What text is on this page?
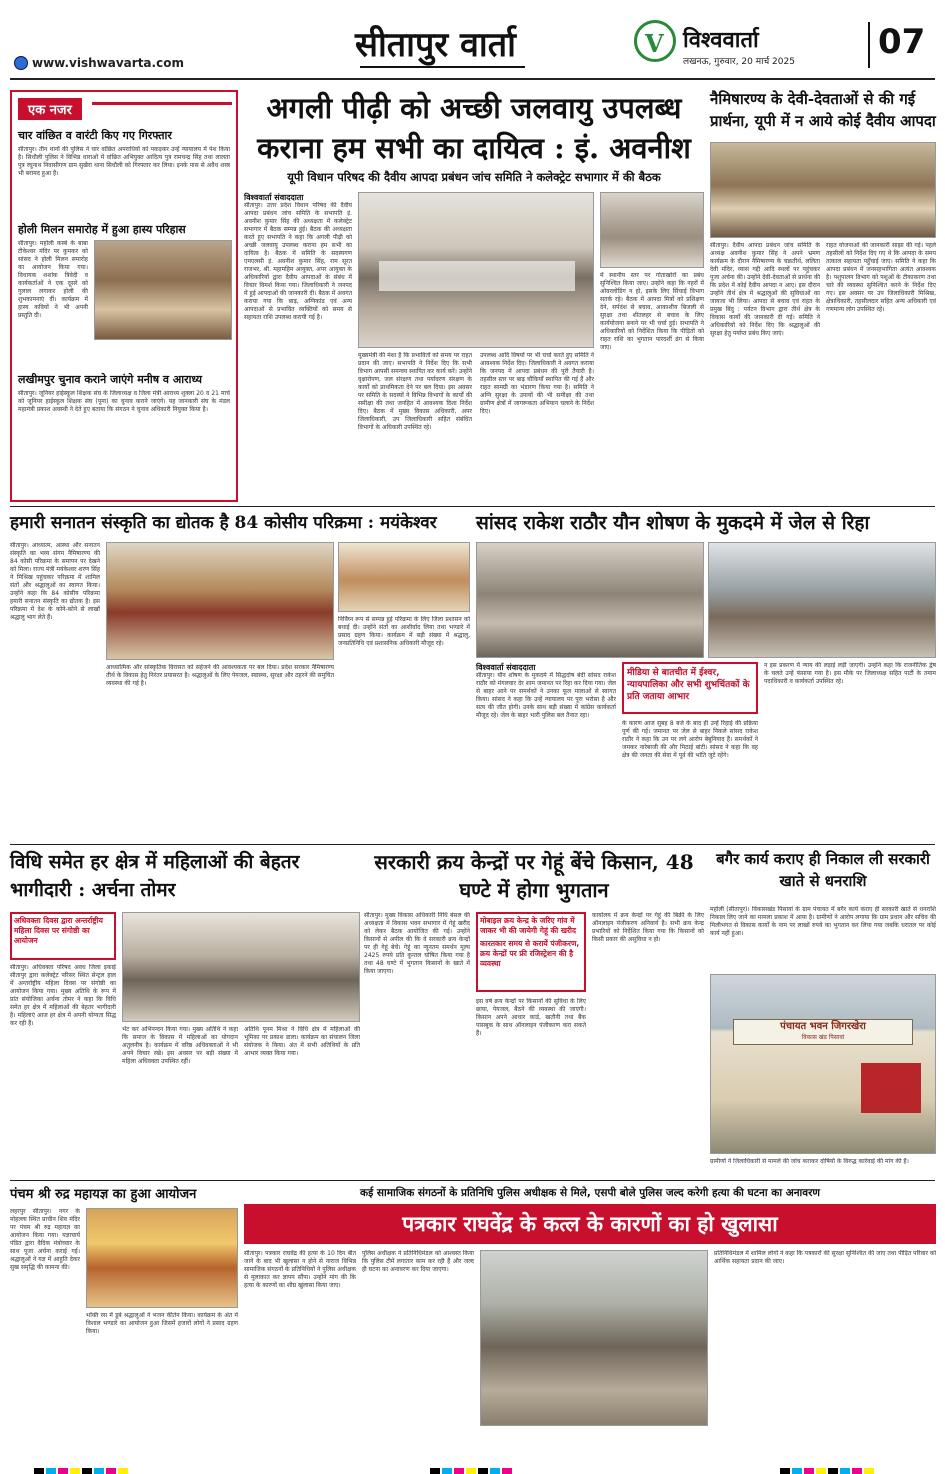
www.vishwavarta.com	सीतापुर वार्ता	V विश्ववार्ता
लखनऊ, गुरुवार, 20 मार्च 2025 07
एक नजर
चार वांछित व वारंटी किए गए गिरफ्तार
सीतापुर। तीन थानों की पुलिस ने चार वांछित अपराधियों को पकड़कर उन्हें न्यायालय में पेश किया है। सिधौली पुलिस ने विभिन्न धाराओं में वांछित अभियुक्त आदित्य पुत्र रामचन्द्र सिंह तथा लालता पुत्र रघुनाथ निवासीगण ग्राम सुखैरा थाना सिधौली को गिरफ्तार कर लिया। इनके पास से अवैध शस्त्र भी बरामद हुआ है।
होली मिलन समारोह में हुआ हास्य परिहास
सीतापुर। महोली कस्बे के बाबा टीकेश्वर मंदिर पर कुमकर को सांसद ने होली मिलन समारोह का आयोजन किया गया। विधायक शशांक त्रिवेदी व कार्यकर्ताओं ने एक दूसरे को गुलाल लगाकर होली की शुभकामनाएं दीं। कार्यक्रम में हास्य कवियों ने भी अपनी प्रस्तुति दी।
लखीमपुर चुनाव कराने जाएंगे मनीष व आराध्य
सीतापुर। जूनियर हाईस्कूल शिक्षक संघ के जिलाध्यक्ष व जिला मंत्री आराध्य शुक्ला 20 व 21 मार्च को जूनियर हाईस्कूल शिक्षक संघ (पूमा) का चुनाव कराने जाएंगे। यह जानकारी संघ के मंडल महामंत्री प्रकाश अवस्थी ने देते हुए बताया कि संगठन ने चुनाव अधिकारी नियुक्त किया है।
अगली पीढ़ी को अच्छी जलवायु उपलब्ध कराना हम सभी का दायित्व : इं. अवनीश
यूपी विधान परिषद की दैवीय आपदा प्रबंधन जांच समिति ने कलेक्ट्रेट सभागार में की बैठक
विश्ववार्ता संवाददाता
सीतापुर। उत्तर प्रदेश विधान परिषद की दैवीय आपदा प्रबंधन जांच समिति के सभापति इं. अवनीश कुमार सिंह की अध्यक्षता में कलेक्ट्रेट सभागार में बैठक सम्पन्न हुई। बैठक की अध्यक्षता करते हुए सभापति ने कहा कि अगली पीढ़ी को अच्छी जलवायु उपलब्ध कराना हम सभी का दायित्व है। बैठक में समिति के सदस्यगण एमएलसी इं. अवनीश कुमार सिंह, राम सूरत राजभर, श्री. महामहिम आयुक्त, अपर आयुक्त के अधिकारियों द्वारा दैवीय आपदाओं के संबंध में विचार विमर्श किया गया। जिलाधिकारी ने जनपद में हुई आपदाओं की जानकारी दी। बैठक में अवगत कराया गया कि बाढ़, अग्निकांड एवं अन्य आपदाओं से प्रभावित व्यक्तियों को समय से सहायता राशि उपलब्ध करायी गई है।
में स्थानीय स्तर पर गोताखोरों का प्रबंध सुनिश्चित किया जाए। उन्होंने कहा कि नहरों में ओवरलोडिंग न हो, इसके लिए सिंचाई विभाग सतर्क रहे। बैठक में आपदा मित्रों को प्रशिक्षण देने, सर्पदंश से बचाव, आकाशीय बिजली से सुरक्षा तथा शीतलहर से बचाव के लिए कार्ययोजना बनाने पर भी चर्चा हुई। सभापति ने अधिकारियों को निर्देशित किया कि पीड़ितों को राहत राशि का भुगतान पारदर्शी ढंग से किया जाए।
मुख्यमंत्री की मंशा है कि प्रभावितों को समय पर राहत प्रदान की जाए। सभापति ने निर्देश दिए कि सभी विभाग आपसी समन्वय स्थापित कर कार्य करें। उन्होंने वृक्षारोपण, जल संरक्षण तथा पर्यावरण संरक्षण के कार्यों को प्राथमिकता देने पर बल दिया। इस अवसर पर समिति के सदस्यों ने विभिन्न विभागों के कार्यों की समीक्षा की तथा जनहित में आवश्यक दिशा निर्देश दिए। बैठक में मुख्य विकास अधिकारी, अपर जिलाधिकारी, उप जिलाधिकारी सहित संबंधित विभागों के अधिकारी उपस्थित रहे।
उपलब्ध आदि विषयों पर भी चर्चा करते हुए समिति ने आवश्यक निर्देश दिए। जिलाधिकारी ने अवगत कराया कि जनपद में आपदा प्रबंधन की पूरी तैयारी है। तहसील स्तर पर बाढ़ चौकियाँ स्थापित की गई हैं और राहत सामग्री का भंडारण किया गया है। समिति ने अग्नि सुरक्षा के उपायों की भी समीक्षा की तथा ग्रामीण क्षेत्रों में जागरूकता अभियान चलाने के निर्देश दिए।
नैमिषारण्य के देवी-देवताओं से की गई प्रार्थना, यूपी में न आये कोई दैवीय आपदा
सीतापुर। दैवीय आपदा प्रबंधन जांच समिति के अध्यक्ष अवनीश कुमार सिंह ने अपने भ्रमण कार्यक्रम के दौरान नैमिषारण्य के चक्रतीर्थ, ललिता देवी मंदिर, व्यास गद्दी आदि स्थलों पर पहुंचकर पूजा अर्चना की। उन्होंने देवी-देवताओं से प्रार्थना की कि प्रदेश में कोई दैवीय आपदा न आए। इस दौरान उन्होंने तीर्थ क्षेत्र में श्रद्धालुओं की सुविधाओं का जायजा भी लिया। आपदा से बचाव एवं राहत के प्रमुख बिंदु : पर्यटन विभाग द्वारा तीर्थ क्षेत्र के विकास कार्यों की जानकारी दी गई। समिति ने अधिकारियों को निर्देश दिए कि श्रद्धालुओं की सुरक्षा हेतु पर्याप्त प्रबंध किए जाएं।
राहत योजनाओं की जानकारी साझा की गई। पहले तहसीलों को निर्देश दिए गए थे कि आपदा के समय तत्काल सहायता पहुँचाई जाए। समिति ने कहा कि आपदा प्रबंधन में जनसहभागिता अत्यंत आवश्यक है। पशुपालन विभाग को पशुओं के टीकाकरण तथा चारे की व्यवस्था सुनिश्चित करने के निर्देश दिए गए। इस अवसर पर उप जिलाधिकारी मिश्रिख, क्षेत्राधिकारी, तहसीलदार सहित अन्य अधिकारी एवं गणमान्य लोग उपस्थित रहे।
हमारी सनातन संस्कृति का द्योतक है 84 कोसीय परिक्रमा : मयंकेश्वर
सीतापुर। आध्यात्म, आस्था और सनातन संस्कृति का भव्य संगम नैमिषारण्य की 84 कोसी परिक्रमा के समापन पर देखने को मिला। राज्य मंत्री मयंकेश्वर शरण सिंह ने मिश्रिख पहुंचकर परिक्रमा में शामिल संतों और श्रद्धालुओं का स्वागत किया। उन्होंने कहा कि 84 कोसीय परिक्रमा हमारी सनातन संस्कृति का द्योतक है। इस परिक्रमा में देश के कोने-कोने से लाखों श्रद्धालु भाग लेते हैं।	निर्विघ्न रूप से सम्पन्न हुई परिक्रमा के लिए जिला प्रशासन को बधाई दी। उन्होंने संतों का आशीर्वाद लिया तथा भण्डारे में प्रसाद ग्रहण किया। कार्यक्रम में बड़ी संख्या में श्रद्धालु, जनप्रतिनिधि एवं प्रशासनिक अधिकारी मौजूद रहे।
आध्यात्मिक और सांस्कृतिक विरासत को सहेजने की आवश्यकता पर बल दिया। प्रदेश सरकार नैमिषारण्य तीर्थ के विकास हेतु निरंतर प्रयासरत है। श्रद्धालुओं के लिए पेयजल, स्वास्थ्य, सुरक्षा और ठहरने की समुचित व्यवस्था की गई है।
सांसद राकेश राठौर यौन शोषण के मुकदमे में जेल से रिहा
विश्ववार्ता संवाददाता
सीतापुर। यौन शोषण के मुकदमे में सिद्धदोष बंदी सांसद राकेश राठौर को मंगलवार देर शाम जमानत पर रिहा कर दिया गया। जेल से बाहर आने पर समर्थकों ने उनका फूल मालाओं से स्वागत किया। सांसद ने कहा कि उन्हें न्यायालय पर पूरा भरोसा है और सत्य की जीत होगी। उनके साथ बड़ी संख्या में कांग्रेस कार्यकर्ता मौजूद रहे। जेल के बाहर भारी पुलिस बल तैनात रहा।
मीडिया से बातचीत में ईश्वर, न्यायपालिका और सभी शुभचिंतकों के प्रति जताया आभार
के कारण आज सुबह 8 बजे के बाद ही उन्हें रिहाई की प्रक्रिया पूर्ण की गई। जमानत पर जेल से बाहर निकले सांसद राकेश राठौर ने कहा कि उन पर लगे आरोप बेबुनियाद हैं। समर्थकों ने जमकर नारेबाजी की और मिठाई बांटी। सांसद ने कहा कि वह क्षेत्र की जनता की सेवा में पूर्व की भांति जुटे रहेंगे।
न इस प्रकरण में न्याय की लड़ाई लड़ी जाएगी। उन्होंने कहा कि राजनीतिक द्वेष के चलते उन्हें फंसाया गया है। इस मौके पर जिलाध्यक्ष सहित पार्टी के तमाम पदाधिकारी व कार्यकर्ता उपस्थित रहे।
विधि समेत हर क्षेत्र में महिलाओं की बेहतर भागीदारी : अर्चना तोमर
अधिवक्ता दिवस द्वारा अन्तर्राष्ट्रीय महिला दिवस पर संगोष्ठी का आयोजन
सीतापुर। अधिवक्ता परिषद अवध जिला इकाई सीतापुर द्वारा कलेक्ट्रेट परिसर स्थित सेन्ट्रल हाल में अन्तर्राष्ट्रीय महिला दिवस पर संगोष्ठी का आयोजन किया गया। मुख्य अतिथि के रूप में प्रांत संयोजिका अर्चना तोमर ने कहा कि विधि समेत हर क्षेत्र में महिलाओं की बेहतर भागीदारी है। महिलाएं आज हर क्षेत्र में अपनी योग्यता सिद्ध कर रही हैं।
भेंट कर अभिनन्दन किया गया। मुख्य अतिथि ने कहा कि समाज के विकास में महिलाओं का योगदान अतुलनीय है। कार्यक्रम में वरिष्ठ अधिवक्ताओं ने भी अपने विचार रखे। इस अवसर पर बड़ी संख्या में महिला अधिवक्ता उपस्थित रहीं।
अतिथि पूनम मिश्रा ने विधि क्षेत्र में महिलाओं की भूमिका पर प्रकाश डाला। कार्यक्रम का संचालन जिला संयोजक ने किया। अंत में सभी अतिथियों के प्रति आभार व्यक्त किया गया।
सरकारी क्रय केन्द्रों पर गेहूं बेंचे किसान, 48 घण्टे में होगा भुगतान
सीतापुर। मुख्य विकास अधिकारी निधि बंसल की अध्यक्षता में विकास भवन सभागार में गेहूं खरीद को लेकर बैठक आयोजित की गई। उन्होंने किसानों से अपील की कि वे सरकारी क्रय केन्द्रों पर ही गेहूं बेचें। गेहूं का न्यूनतम समर्थन मूल्य 2425 रुपये प्रति कुन्तल घोषित किया गया है तथा 48 घण्टे में भुगतान किसानों के खाते में किया जाएगा।
मोबाइल क्रय केन्द्र के जरिए गांव में जाकर भी की जायेगी गेहूं की खरीद
कारतकार समय से करायें पंजीकरण, क्रय केन्द्रों पर फ्री रजिस्ट्रेशन की है व्यवस्था
इस वर्ष क्रय केन्द्रों पर किसानों की सुविधा के लिए छाया, पेयजल, बैठने की व्यवस्था की जाएगी। किसान अपने आधार कार्ड, खतौनी तथा बैंक पासबुक के साथ ऑनलाइन पंजीकरण करा सकते हैं।
कार्यालय में क्रय केन्द्रों पर गेहूं की बिक्री के लिए ऑनलाइन पंजीकरण अनिवार्य है। सभी क्रय केन्द्र प्रभारियों को निर्देशित किया गया कि किसानों को किसी प्रकार की असुविधा न हो।
बगैर कार्य कराए ही निकाल ली सरकारी खाते से धनराशि
महोली (सीतापुर)। विकासखंड पिसावां के ग्राम पंचायत में बगैर कार्य कराए ही सरकारी खाते से धनराशि निकाल लिए जाने का मामला प्रकाश में आया है। ग्रामीणों ने आरोप लगाया कि ग्राम प्रधान और सचिव की मिलीभगत से विकास कार्यों के नाम पर लाखों रुपये का भुगतान कर लिया गया जबकि धरातल पर कोई कार्य नहीं हुआ।
पंचायत भवन जिगरखेरा
विकास खंड पिसावां
ग्रामीणों ने जिलाधिकारी से मामले की जांच कराकर दोषियों के विरुद्ध कार्रवाई की मांग की है।
पंचम श्री रुद्र महायज्ञ का हुआ आयोजन
लहरपुर सीतापुर। नगर के मोहल्ला स्थित प्राचीन शिव मंदिर पर पंचम श्री रुद्र महायज्ञ का आयोजन किया गया। यज्ञाचार्य पंडित द्वारा वैदिक मंत्रोच्चार के साथ पूजा अर्चना कराई गई। श्रद्धालुओं ने यज्ञ में आहुति देकर सुख समृद्धि की कामना की।
भक्ति रस में डूबे श्रद्धालुओं ने भजन कीर्तन किया। कार्यक्रम के अंत में विशाल भण्डारे का आयोजन हुआ जिसमें हजारों लोगों ने प्रसाद ग्रहण किया।
कई सामाजिक संगठनों के प्रतिनिधि पुलिस अधीक्षक से मिले, एसपी बोले पुलिस जल्द करेगी हत्या की घटना का अनावरण
पत्रकार राघवेंद्र के कत्ल के कारणों का हो खुलासा
सीतापुर। पत्रकार राघवेंद्र की हत्या के 10 दिन बीत जाने के बाद भी खुलासा न होने से नाराज विभिन्न सामाजिक संगठनों के प्रतिनिधियों ने पुलिस अधीक्षक से मुलाकात कर ज्ञापन सौंपा। उन्होंने मांग की कि हत्या के कारणों का शीघ्र खुलासा किया जाए।
पुलिस अधीक्षक ने प्रतिनिधिमंडल को आश्वस्त किया कि पुलिस टीमें लगातार काम कर रही हैं और जल्द ही घटना का अनावरण कर दिया जाएगा।
प्रतिनिधिमंडल में शामिल लोगों ने कहा कि पत्रकारों की सुरक्षा सुनिश्चित की जाए तथा पीड़ित परिवार को आर्थिक सहायता प्रदान की जाए।
